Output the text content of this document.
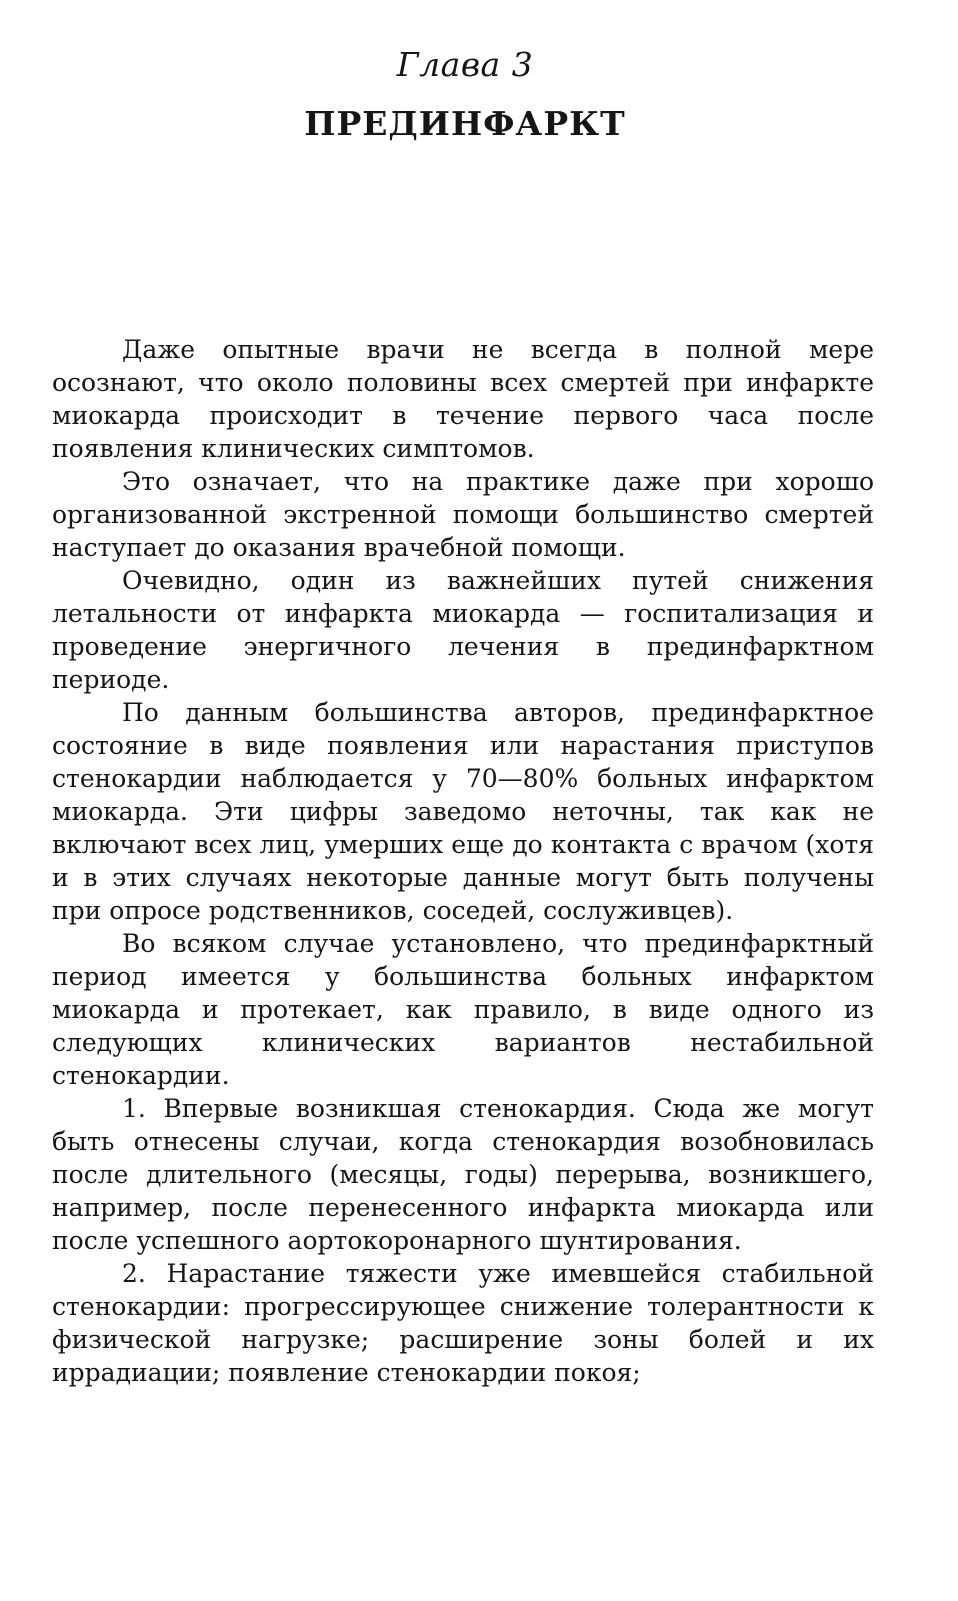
Глава 3
ПРЕДИНФАРКТ

Даже опытные врачи не всегда в полной мере осознают, что около половины всех смертей при инфаркте миокарда происходит в течение первого часа после появления клинических симптомов.

Это означает, что на практике даже при хорошо организованной экстренной помощи большинство смертей наступает до оказания врачебной помощи.

Очевидно, один из важнейших путей снижения летальности от инфаркта миокарда — госпитализация и проведение энергичного лечения в прединфарктном периоде.

По данным большинства авторов, прединфарктное состояние в виде появления или нарастания приступов стенокардии наблюдается у 70—80% больных инфарктом миокарда. Эти цифры заведомо неточны, так как не включают всех лиц, умерших еще до контакта с врачом (хотя и в этих случаях некоторые данные могут быть получены при опросе родственников, соседей, сослуживцев).

Во всяком случае установлено, что прединфарктный период имеется у большинства больных инфарктом миокарда и протекает, как правило, в виде одного из следующих клинических вариантов нестабильной стенокардии.

1. Впервые возникшая стенокардия. Сюда же могут быть отнесены случаи, когда стенокардия возобновилась после длительного (месяцы, годы) перерыва, возникшего, например, после перенесенного инфаркта миокарда или после успешного аортокоронарного шунтирования.

2. Нарастание тяжести уже имевшейся стабильной стенокардии: прогрессирующее снижение толерантности к физической нагрузке; расширение зоны болей и их иррадиации; появление стенокардии покоя;
